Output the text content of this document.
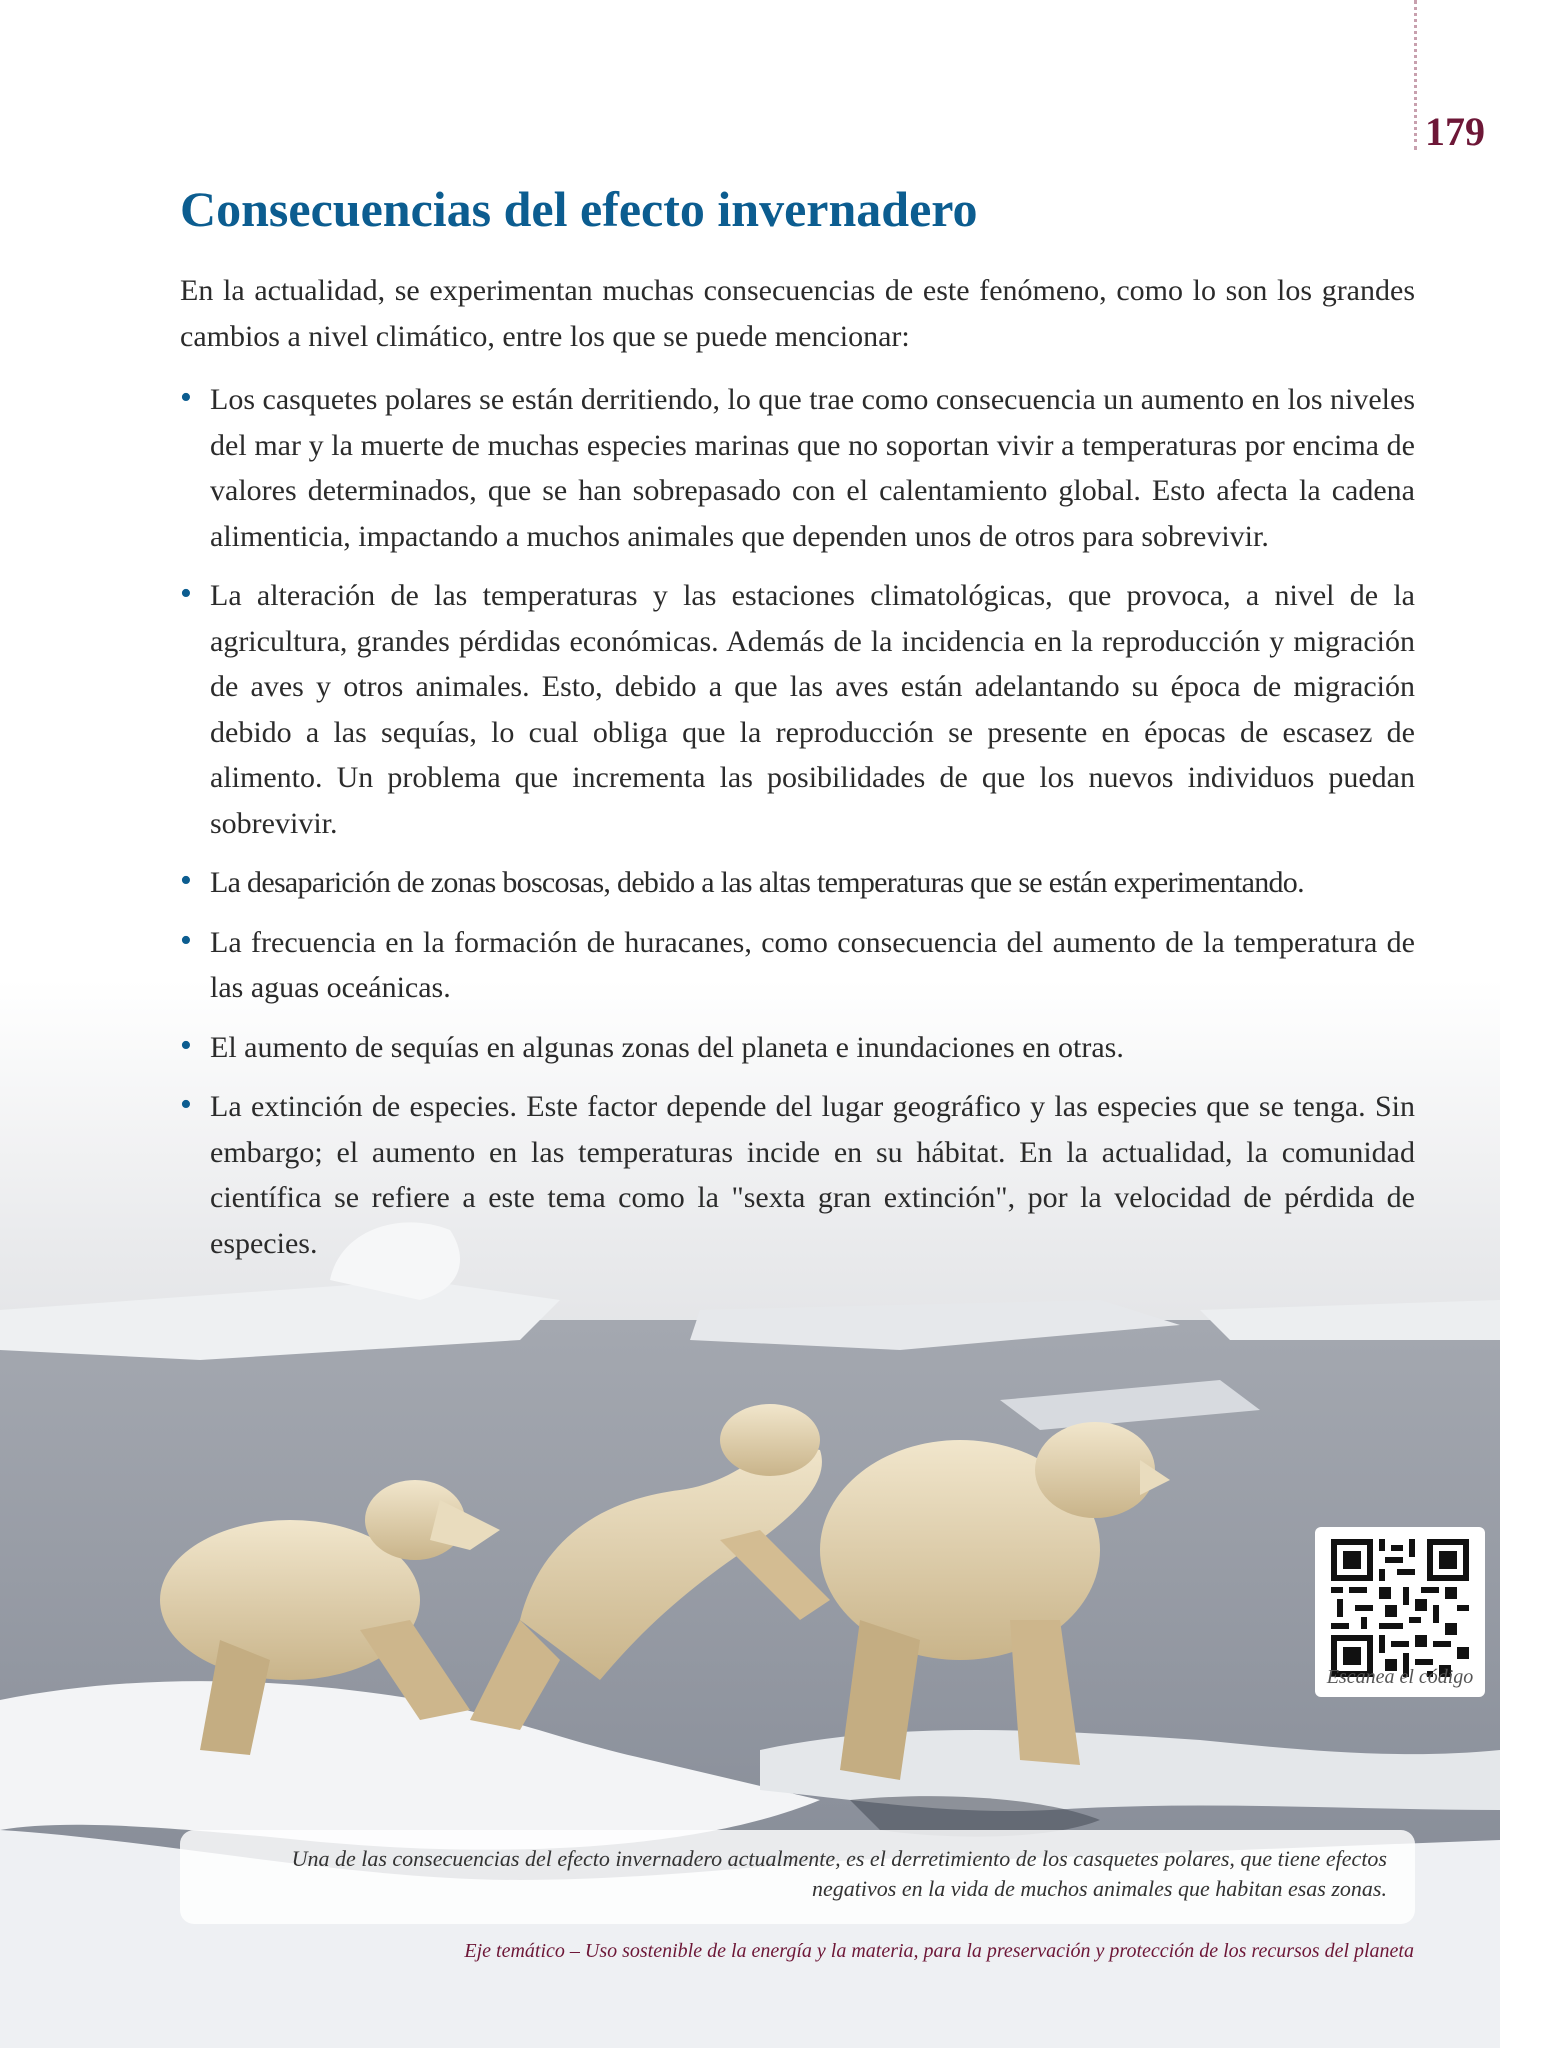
179
Consecuencias del efecto invernadero

En la actualidad, se experimentan muchas consecuencias de este fenómeno, como lo son los grandes cambios a nivel climático, entre los que se puede mencionar:

• Los casquetes polares se están derritiendo, lo que trae como consecuencia un aumento en los niveles del mar y la muerte de muchas especies marinas que no soportan vivir a temperaturas por encima de valores determinados, que se han sobrepasado con el calentamiento global. Esto afecta la cadena alimenticia, impactando a muchos animales que dependen unos de otros para sobrevivir.
• La alteración de las temperaturas y las estaciones climatológicas, que provoca, a nivel de la agricultura, grandes pérdidas económicas. Además de la incidencia en la reproducción y migración de aves y otros animales. Esto, debido a que las aves están adelantando su época de migración debido a las sequías, lo cual obliga que la reproducción se presente en épocas de escasez de alimento. Un problema que incrementa las posibilidades de que los nuevos individuos puedan sobrevivir.
• La desaparición de zonas boscosas, debido a las altas temperaturas que se están experimentando.
• La frecuencia en la formación de huracanes, como consecuencia del aumento de la temperatura de las aguas oceánicas.
• El aumento de sequías en algunas zonas del planeta e inundaciones en otras.
• La extinción de especies. Este factor depende del lugar geográfico y las especies que se tenga. Sin embargo; el aumento en las temperaturas incide en su hábitat. En la actualidad, la comunidad científica se refiere a este tema como la "sexta gran extinción", por la velocidad de pérdida de especies.
Escanea el código

Una de las consecuencias del efecto invernadero actualmente, es el derretimiento de los casquetes polares, que tiene efectos negativos en la vida de muchos animales que habitan esas zonas.

Eje temático – Uso sostenible de la energía y la materia, para la preservación y protección de los recursos del planeta
